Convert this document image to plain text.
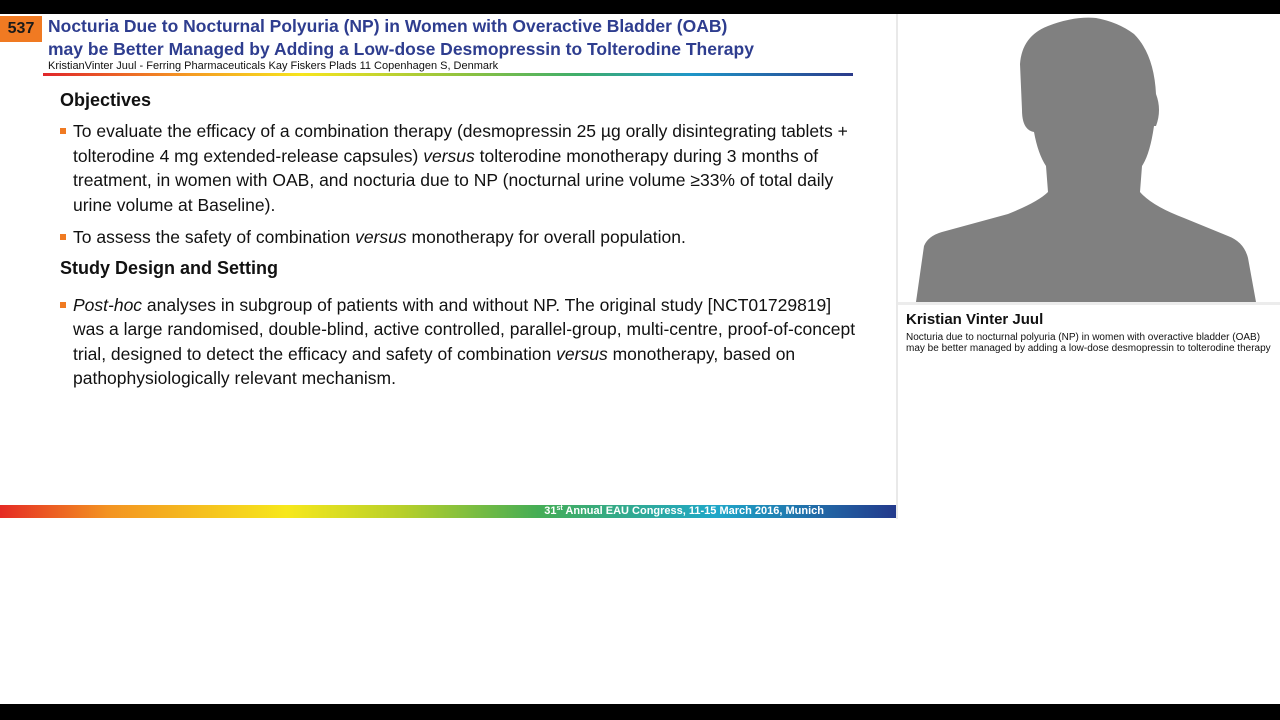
537 Nocturia Due to Nocturnal Polyuria (NP) in Women with Overactive Bladder (OAB)
may be Better Managed by Adding a Low-dose Desmopressin to Tolterodine Therapy
KristianVinter Juul - Ferring Pharmaceuticals Kay Fiskers Plads 11 Copenhagen S, Denmark
Objectives
To evaluate the efficacy of a combination therapy (desmopressin 25 µg orally disintegrating tablets + tolterodine 4 mg extended-release capsules) versus tolterodine monotherapy during 3 months of treatment, in women with OAB, and nocturia due to NP (nocturnal urine volume ≥33% of total daily urine volume at Baseline).
To assess the safety of combination versus monotherapy for overall population.
Study Design and Setting
Post-hoc analyses in subgroup of patients with and without NP. The original study [NCT01729819] was a large randomised, double-blind, active controlled, parallel-group, multi-centre, proof-of-concept trial, designed to detect the efficacy and safety of combination versus monotherapy, based on pathophysiologically relevant mechanism.
31st Annual EAU Congress, 11-15 March 2016, Munich
Kristian Vinter Juul
Nocturia due to nocturnal polyuria (NP) in women with overactive bladder (OAB) may be better managed by adding a low-dose desmopressin to tolterodine therapy
